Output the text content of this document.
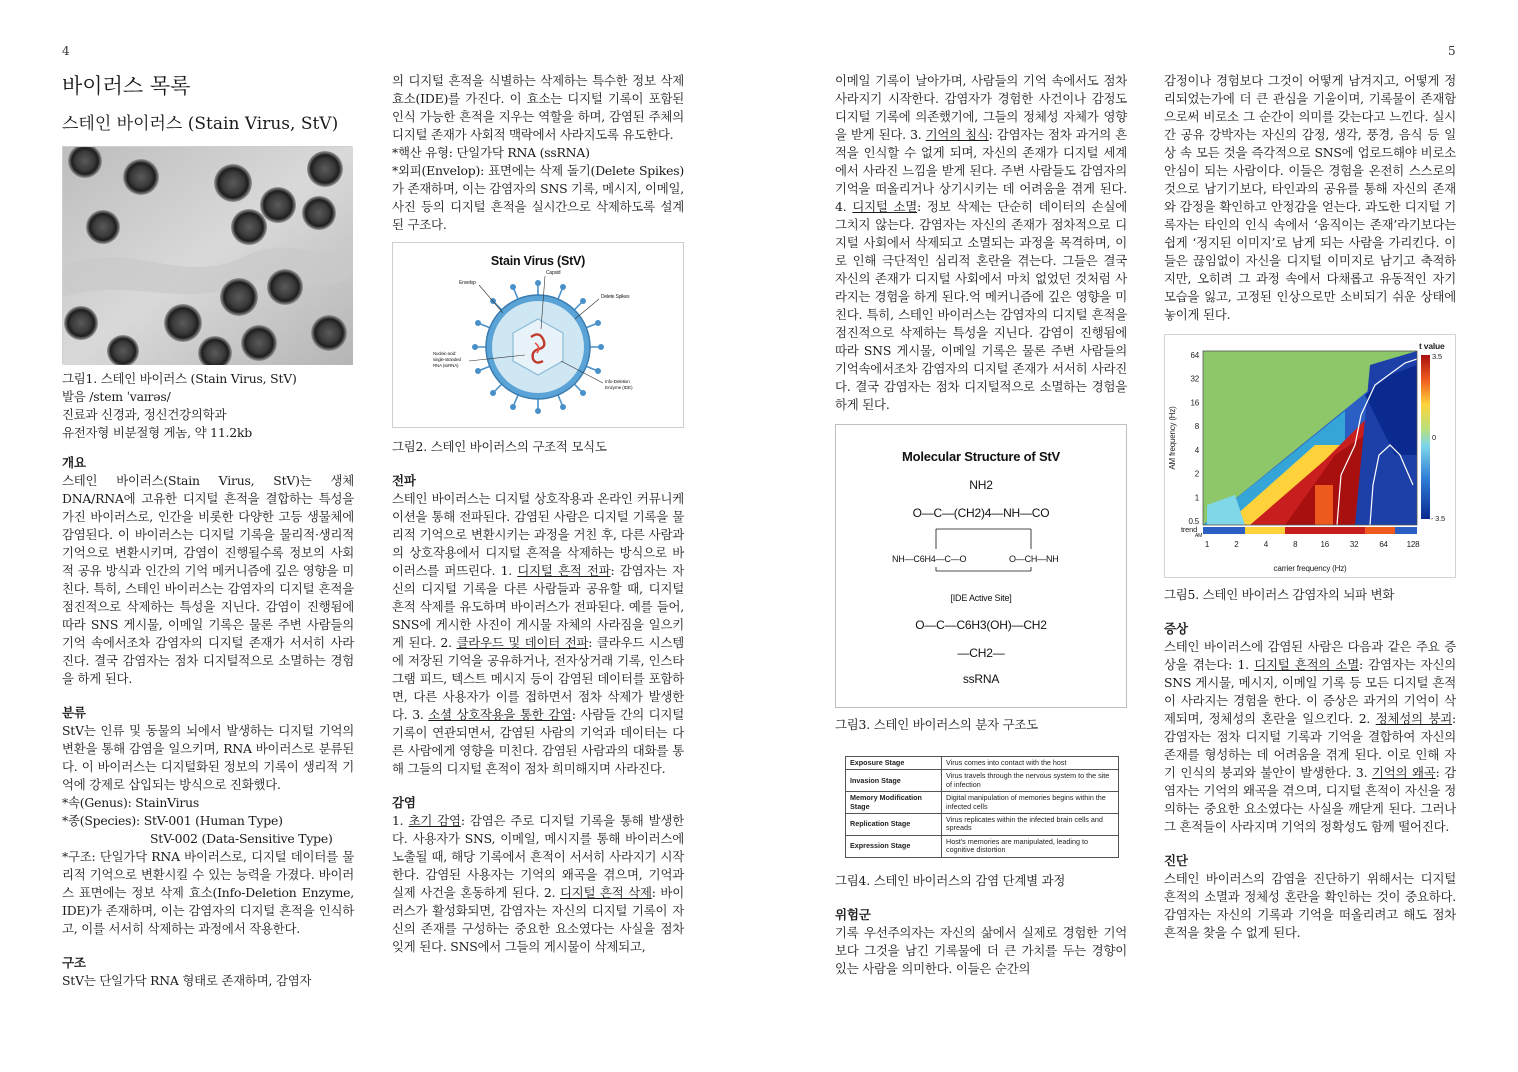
4	5
바이러스 목록
스테인 바이러스 (Stain Virus, StV)
그림1. 스테인 바이러스 (Stain Virus, StV)
발음 /steɪn ˈvaɪrəs/
진료과 신경과, 정신건강의학과
유전자형 비분절형 게놈, 약 11.2kb
개요

스테인 바이러스(Stain Virus, StV)는 생체 DNA/RNA에 고유한 디지털 흔적을 결합하는 특성을 가진 바이러스로, 인간을 비롯한 다양한 고등 생물체에 감염된다. 이 바이러스는 디지털 기록을 물리적·생리적 기억으로 변환시키며, 감염이 진행될수록 정보의 사회적 공유 방식과 인간의 기억 메커니즘에 깊은 영향을 미친다. 특히, 스테인 바이러스는 감염자의 디지털 흔적을 점진적으로 삭제하는 특성을 지닌다. 감염이 진행됨에 따라 SNS 게시물, 이메일 기록은 물론 주변 사람들의 기억 속에서조차 감염자의 디지털 존재가 서서히 사라진다. 결국 감염자는 점차 디지털적으로 소멸하는 경험을 하게 된다.

분류

StV는 인류 및 동물의 뇌에서 발생하는 디지털 기억의 변환을 통해 감염을 일으키며, RNA 바이러스로 분류된다. 이 바이러스는 디지털화된 정보의 기록이 생리적 기억에 강제로 삽입되는 방식으로 진화했다.

*속(Genus): StainVirus
*종(Species): StV-001 (Human Type)
StV-002 (Data-Sensitive Type)

*구조: 단일가닥 RNA 바이러스로, 디지털 데이터를 물리적 기억으로 변환시킬 수 있는 능력을 가졌다. 바이러스 표면에는 정보 삭제 효소(Info-Deletion Enzyme, IDE)가 존재하며, 이는 감염자의 디지털 흔적을 인식하고, 이를 서서히 삭제하는 과정에서 작용한다.

구조

StV는 단일가닥 RNA 형태로 존재하며, 감염자

의 디지털 흔적을 식별하는 삭제하는 특수한 정보 삭제 효소(IDE)를 가진다. 이 효소는 디지털 기록이 포함된 인식 가능한 흔적을 지우는 역할을 하며, 감염된 주체의 디지털 존재가 사회적 맥락에서 사라지도록 유도한다.

*핵산 유형: 단일가닥 RNA (ssRNA)

*외피(Envelop): 표면에는 삭제 돌기(Delete Spikes)가 존재하며, 이는 감염자의 SNS 기록, 메시지, 이메일, 사진 등의 디지털 흔적을 실시간으로 삭제하도록 설계된 구조다.

Stain Virus (StV)
Capsid
Envelop
Delete Spikes
Nucleic-acid:
single-stranded
RNA (ssRNA)
Info-Deletion
Enzyme (IDE)
그림2. 스테인 바이러스의 구조적 모식도
전파

스테인 바이러스는 디지털 상호작용과 온라인 커뮤니케이션을 통해 전파된다. 감염된 사람은 디지털 기록을 물리적 기억으로 변환시키는 과정을 거친 후, 다른 사람과의 상호작용에서 디지털 흔적을 삭제하는 방식으로 바이러스를 퍼뜨린다. 1. 디지털 흔적 전파: 감염자는 자신의 디지털 기록을 다른 사람들과 공유할 때, 디지털 흔적 삭제를 유도하며 바이러스가 전파된다. 예를 들어, SNS에 게시한 사진이 게시물 자체의 사라짐을 일으키게 된다. 2. 클라우드 및 데이터 전파: 클라우드 시스템에 저장된 기억을 공유하거나, 전자상거래 기록, 인스타그램 피드, 텍스트 메시지 등이 감염된 데이터를 포함하면, 다른 사용자가 이를 접하면서 점차 삭제가 발생한다. 3. 소셜 상호작용을 통한 감염: 사람들 간의 디지털 기록이 연관되면서, 감염된 사람의 기억과 데이터는 다른 사람에게 영향을 미친다. 감염된 사람과의 대화를 통해 그들의 디지털 흔적이 점차 희미해지며 사라진다.

감염

1. 초기 감염: 감염은 주로 디지털 기록을 통해 발생한다. 사용자가 SNS, 이메일, 메시지를 통해 바이러스에 노출될 때, 해당 기록에서 흔적이 서서히 사라지기 시작한다. 감염된 사용자는 기억의 왜곡을 겪으며, 기억과 실제 사건을 혼동하게 된다. 2. 디지털 흔적 삭제: 바이러스가 활성화되면, 감염자는 자신의 디지털 기록이 자신의 존재를 구성하는 중요한 요소였다는 사실을 점차 잊게 된다. SNS에서 그들의 게시물이 삭제되고,

이메일 기록이 날아가며, 사람들의 기억 속에서도 점차 사라지기 시작한다. 감염자가 경험한 사건이나 감정도 디지털 기록에 의존했기에, 그들의 정체성 자체가 영향을 받게 된다. 3. 기억의 침식: 감염자는 점차 과거의 흔적을 인식할 수 없게 되며, 자신의 존재가 디지털 세계에서 사라진 느낌을 받게 된다. 주변 사람들도 감염자의 기억을 떠올리거나 상기시키는 데 어려움을 겪게 된다. 4. 디지털 소멸: 정보 삭제는 단순히 데이터의 손실에 그치지 않는다. 감염자는 자신의 존재가 점차적으로 디지털 사회에서 삭제되고 소멸되는 과정을 목격하며, 이로 인해 극단적인 심리적 혼란을 겪는다. 그들은 결국 자신의 존재가 디지털 사회에서 마치 없었던 것처럼 사라지는 경험을 하게 된다.억 메커니즘에 깊은 영향을 미친다. 특히, 스테인 바이러스는 감염자의 디지털 흔적을 점진적으로 삭제하는 특성을 지닌다. 감염이 진행됨에 따라 SNS 게시물, 이메일 기록은 물론 주변 사람들의 기억속에서조차 감염자의 디지털 존재가 서서히 사라진다. 결국 감염자는 점차 디지털적으로 소멸하는 경험을 하게 된다.

Molecular Structure of StV
NH2
O—C—(CH2)4—NH—CO
NH—C6H4—C—O	O—CH—NH
[IDE Active Site]
O—C—C6H3(OH)—CH2
—CH2—
ssRNA
그림3. 스테인 바이러스의 분자 구조도
Exposure Stage	Virus comes into contact with the host
Invasion Stage	Virus travels through the nervous system to the site of infection
Memory Modification Stage	Digital manipulation of memories begins within the infected cells
Replication Stage	Virus replicates within the infected brain cells and spreads
Expression Stage	Host's memories are manipulated, leading to cognitive distortion
그림4. 스테인 바이러스의 감염 단계별 과정
위험군

기록 우선주의자는 자신의 삶에서 실제로 경험한 기억보다 그것을 남긴 기록물에 더 큰 가치를 두는 경향이 있는 사람을 의미한다. 이들은 순간의

감정이나 경험보다 그것이 어떻게 남겨지고, 어떻게 정리되었는가에 더 큰 관심을 기울이며, 기록물이 존재함으로써 비로소 그 순간이 의미를 갖는다고 느낀다. 실시간 공유 강박자는 자신의 감정, 생각, 풍경, 음식 등 일상 속 모든 것을 즉각적으로 SNS에 업로드해야 비로소 안심이 되는 사람이다. 이들은 경험을 온전히 스스로의 것으로 남기기보다, 타인과의 공유를 통해 자신의 존재와 감정을 확인하고 안정감을 얻는다. 과도한 디지털 기록자는 타인의 인식 속에서 ‘움직이는 존재’라기보다는 쉽게 ‘정지된 이미지’로 남게 되는 사람을 가리킨다. 이들은 끊임없이 자신을 디지털 이미지로 남기고 축적하지만, 오히려 그 과정 속에서 다채롭고 유동적인 자기 모습을 잃고, 고정된 인상으로만 소비되기 쉬운 상태에 놓이게 된다.

64
32
16
8
4
2
1
0.5
1	2	4	8	16	32	64 128
AM frequency (Hz)
carrier frequency (Hz)
trend
AM
t value
3.5
0
- 3.5
그림5. 스테인 바이러스 감염자의 뇌파 변화
증상

스테인 바이러스에 감염된 사람은 다음과 같은 주요 증상을 겪는다: 1. 디지털 흔적의 소멸: 감염자는 자신의 SNS 게시물, 메시지, 이메일 기록 등 모든 디지털 흔적이 사라지는 경험을 한다. 이 증상은 과거의 기억이 삭제되며, 정체성의 혼란을 일으킨다. 2. 정체성의 붕괴: 감염자는 점차 디지털 기록과 기억을 결합하여 자신의 존재를 형성하는 데 어려움을 겪게 된다. 이로 인해 자기 인식의 붕괴와 불안이 발생한다. 3. 기억의 왜곡: 감염자는 기억의 왜곡을 겪으며, 디지털 흔적이 자신을 정의하는 중요한 요소였다는 사실을 깨닫게 된다. 그러나 그 흔적들이 사라지며 기억의 정확성도 함께 떨어진다.

진단

스테인 바이러스의 감염을 진단하기 위해서는 디지털 흔적의 소멸과 정체성 혼란을 확인하는 것이 중요하다. 감염자는 자신의 기록과 기억을 떠올리려고 해도 점차 흔적을 찾을 수 없게 된다.
